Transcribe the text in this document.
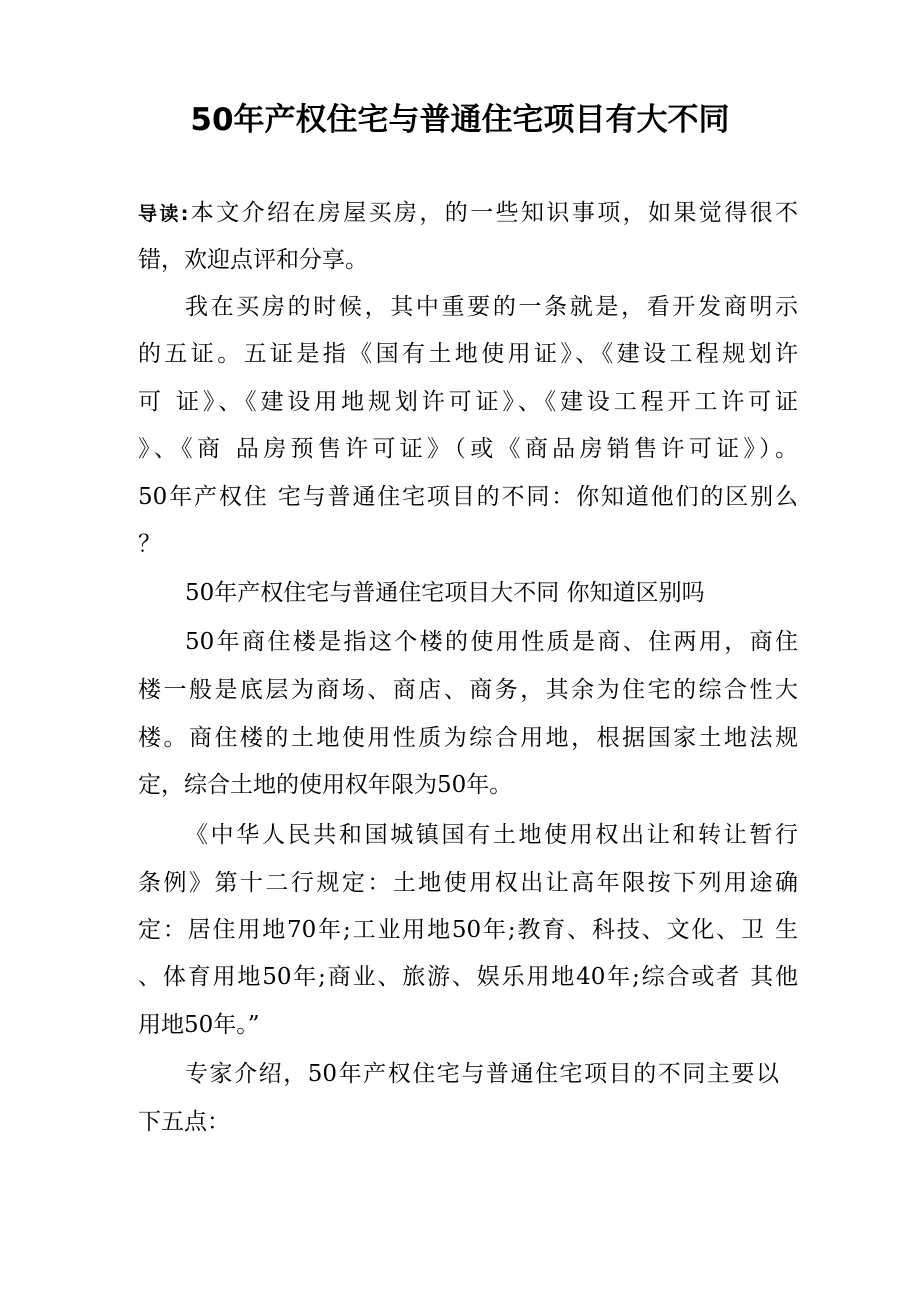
50年产权住宅与普通住宅项目有大不同

导读:本文介绍在房屋买房，的一些知识事项，如果觉得很不

错，欢迎点评和分享。

我在买房的时候，其中重要的一条就是，看开发商明示

的五证。五证是指《国有土地使用证》、《建设工程规划许

可 证》、《建设用地规划许可证》、《建设工程开工许可证

》、《商 品房预售许可证》（或《商品房销售许可证》）。

50年产权住 宅与普通住宅项目的不同：你知道他们的区别么

？

50年产权住宅与普通住宅项目大不同 你知道区别吗

50年商住楼是指这个楼的使用性质是商、住两用，商住

楼一般是底层为商场、商店、商务，其余为住宅的综合性大

楼。商住楼的土地使用性质为综合用地，根据国家土地法规

定，综合土地的使用权年限为50年。

《中华人民共和国城镇国有土地使用权出让和转让暂行

条例》第十二行规定：土地使用权出让高年限按下列用途确

定：居住用地70年;工业用地50年;教育、科技、文化、卫 生

、体育用地50年;商业、旅游、娱乐用地40年;综合或者 其他

用地50年。”

专家介绍，50年产权住宅与普通住宅项目的不同主要以

下五点：
